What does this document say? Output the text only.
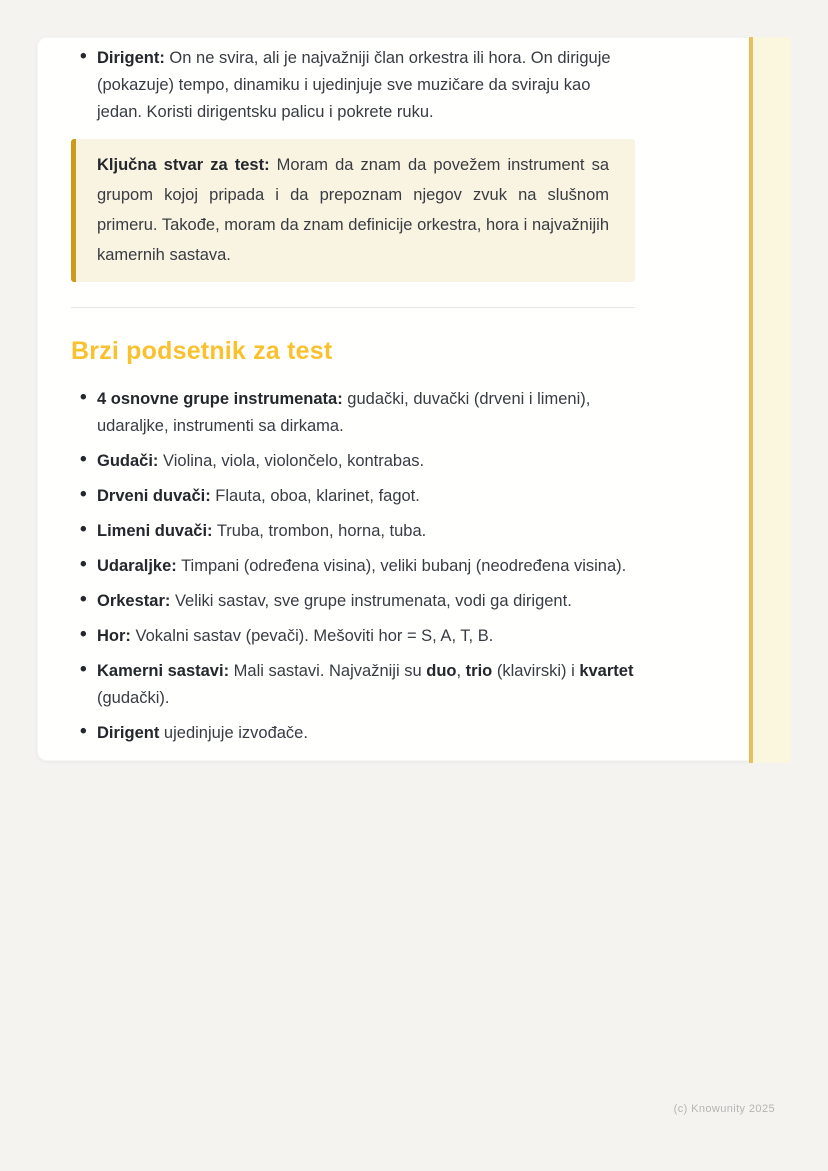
• Dirigent: On ne svira, ali je najvažniji član orkestra ili hora. On diriguje (pokazuje) tempo, dinamiku i ujedinjuje sve muzičare da sviraju kao jedan. Koristi dirigentsku palicu i pokrete ruku.

Ključna stvar za test: Moram da znam da povežem instrument sa grupom kojoj pripada i da prepoznam njegov zvuk na slušnom primeru. Takođe, moram da znam definicije orkestra, hora i najvažnijih kamernih sastava.

Brzi podsetnik za test
• 4 osnovne grupe instrumenata: gudački, duvački (drveni i limeni), udaraljke, instrumenti sa dirkama.
• Gudači: Violina, viola, violončelo, kontrabas.
• Drveni duvači: Flauta, oboa, klarinet, fagot.
• Limeni duvači: Truba, trombon, horna, tuba.
• Udaraljke: Timpani (određena visina), veliki bubanj (neodređena visina).
• Orkestar: Veliki sastav, sve grupe instrumenata, vodi ga dirigent.
• Hor: Vokalni sastav (pevači). Mešoviti hor = S, A, T, B.
• Kamerni sastavi: Mali sastavi. Najvažniji su duo, trio (klavirski) i kvartet (gudački).
• Dirigent ujedinjuje izvođače.
(c) Knowunity 2025
